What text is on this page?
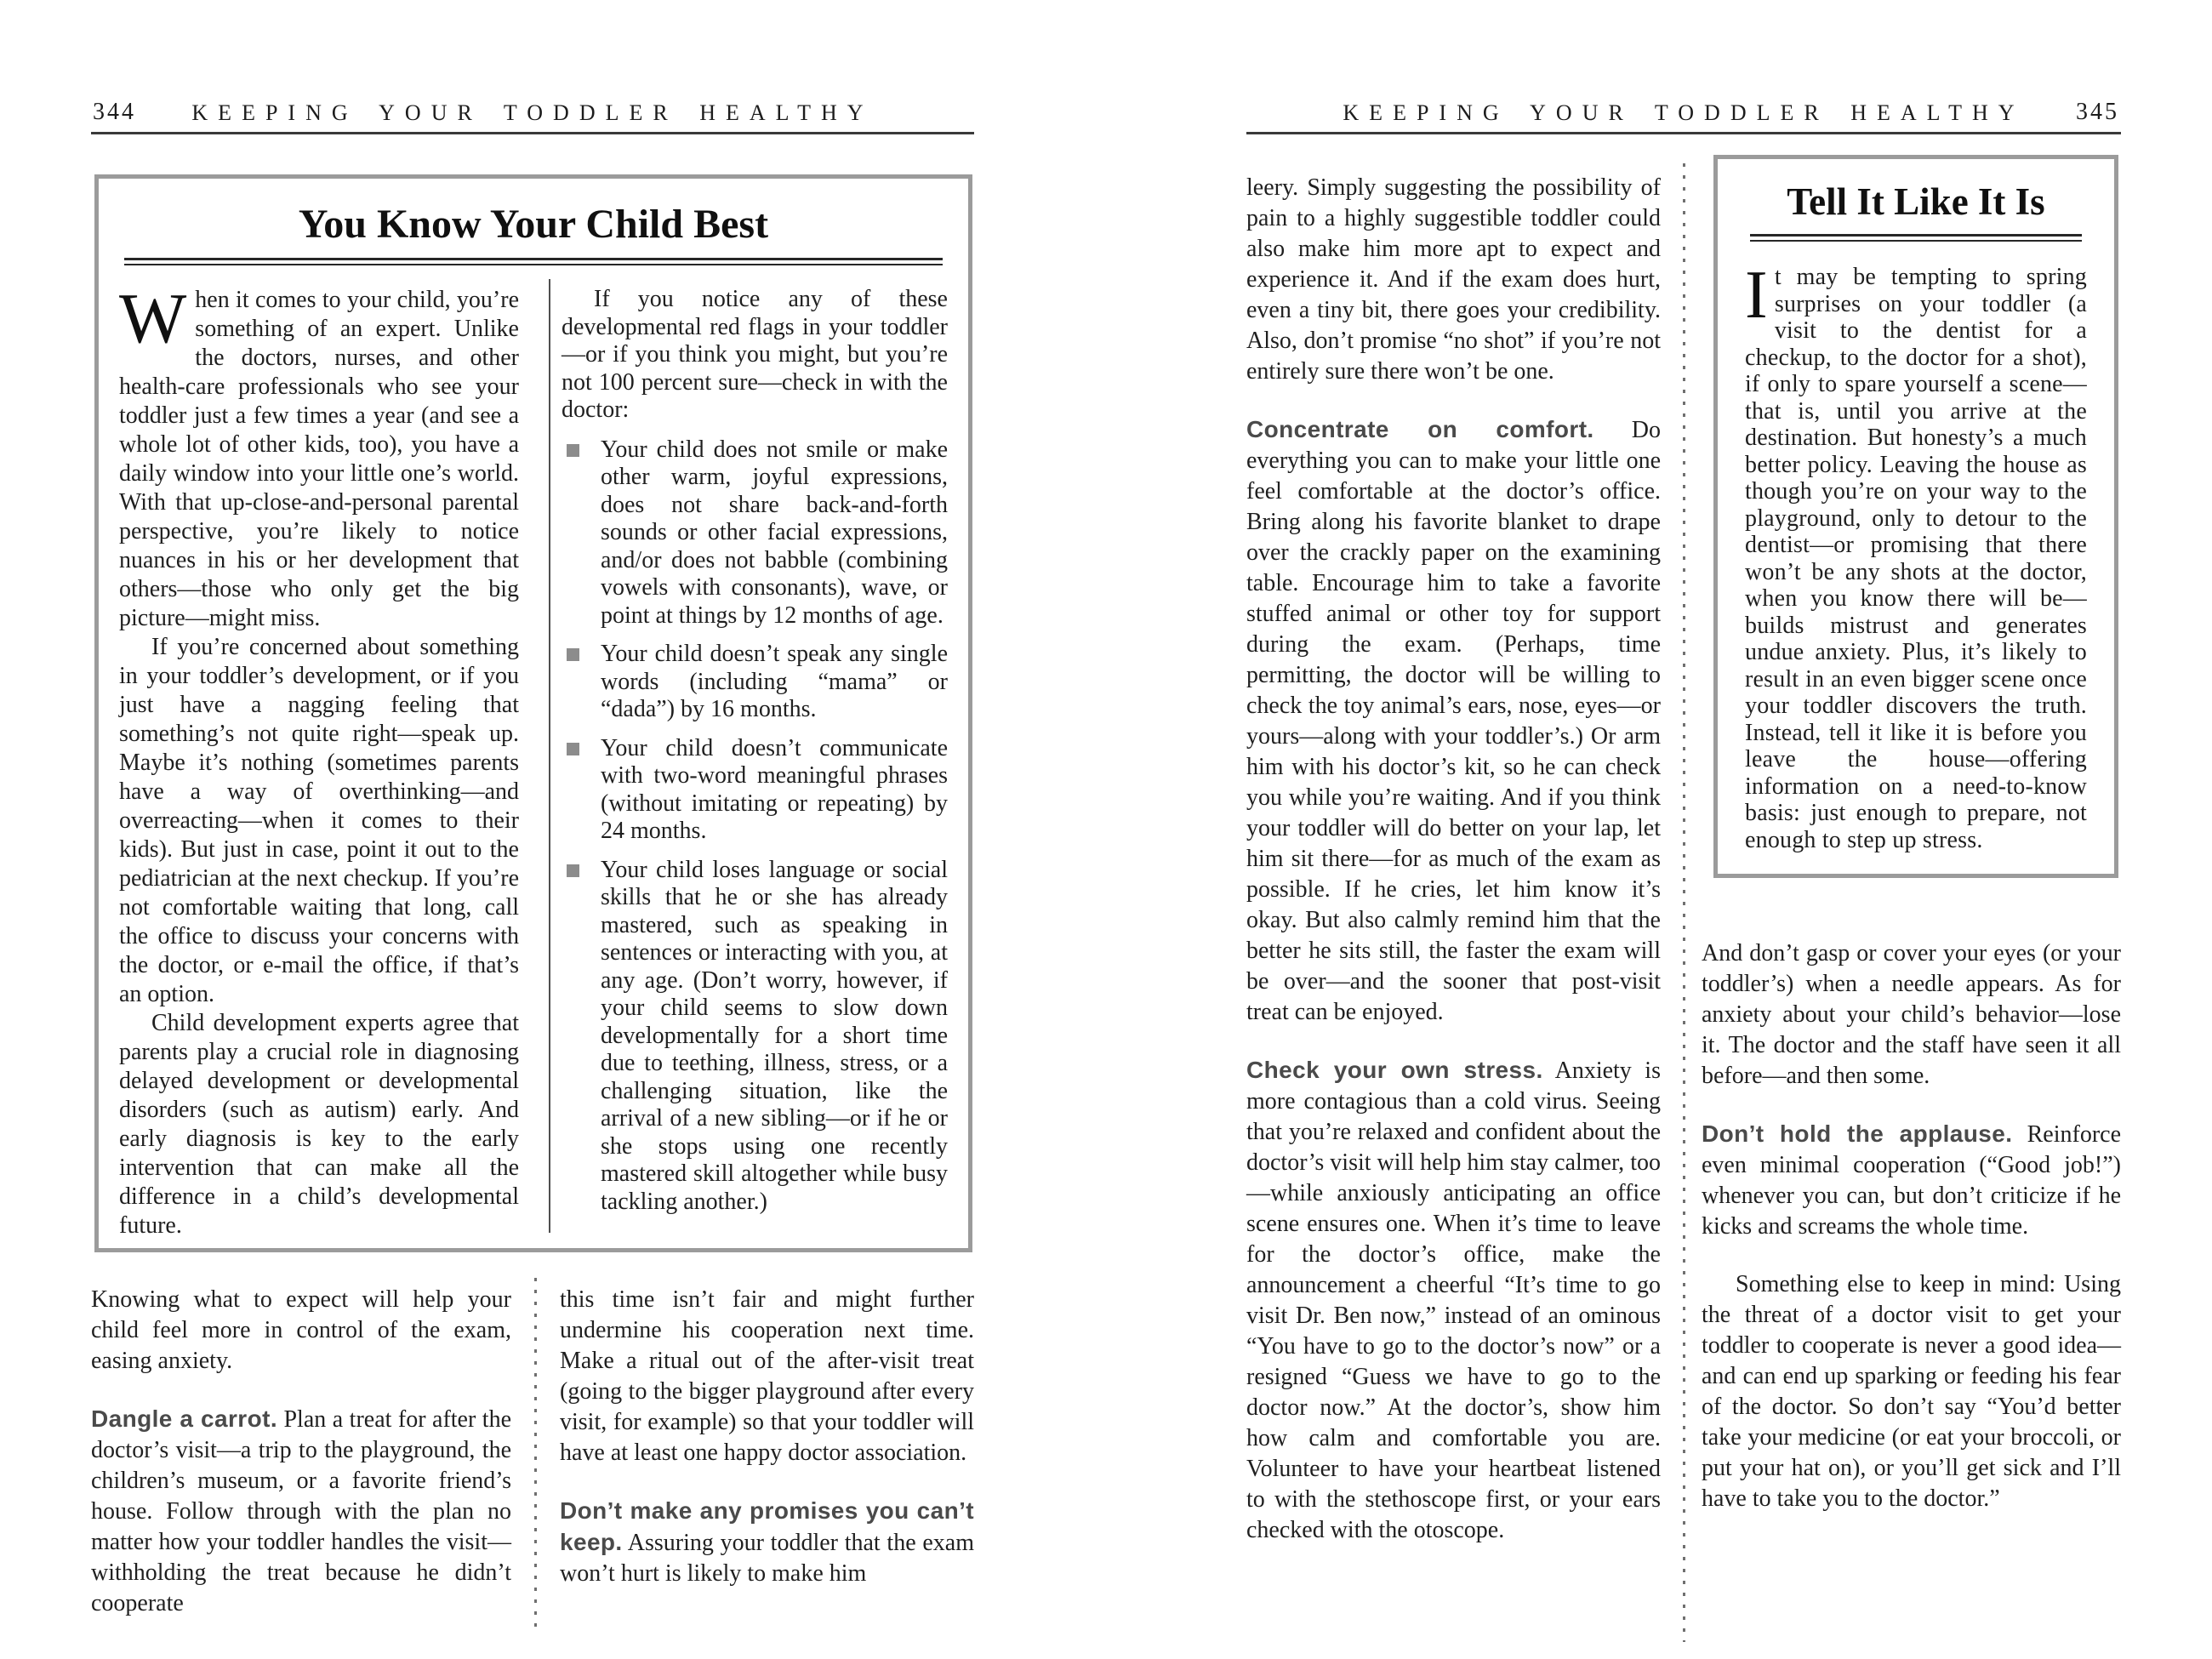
344	KEEPING YOUR TODDLER HEALTHY
You Know Your Child Best

When it comes to your child, you’re something of an expert. Unlike the doctors, nurses, and other health-care professionals who see your toddler just a few times a year (and see a whole lot of other kids, too), you have a daily window into your little one’s world. With that up-close-and-personal parental perspective, you’re likely to notice nuances in his or her development that others—those who only get the big picture—might miss.

If you’re concerned about something in your toddler’s development, or if you just have a nagging feeling that something’s not quite right—speak up. Maybe it’s nothing (sometimes parents have a way of overthinking—and overreacting—when it comes to their kids). But just in case, point it out to the pediatrician at the next checkup. If you’re not comfortable waiting that long, call the office to discuss your concerns with the doctor, or e-mail the office, if that’s an option.

Child development experts agree that parents play a crucial role in diagnosing delayed development or developmental disorders (such as autism) early. And early diagnosis is key to the early intervention that can make all the difference in a child’s developmental future.

If you notice any of these developmental red flags in your toddler—or if you think you might, but you’re not 100 percent sure—check in with the doctor:

Your child does not smile or make other warm, joyful expressions, does not share back-and-forth sounds or other facial expressions, and/or does not babble (combining vowels with consonants), wave, or point at things by 12 months of age.
Your child doesn’t speak any single words (including “mama” or “dada”) by 16 months.
Your child doesn’t communicate with two-word meaningful phrases (without imitating or repeating) by 24 months.
Your child loses language or social skills that he or she has already mastered, such as speaking in sentences or interacting with you, at any age. (Don’t worry, however, if your child seems to slow down developmentally for a short time due to teething, illness, stress, or a challenging situation, like the arrival of a new sibling—or if he or she stops using one recently mastered skill altogether while busy tackling another.)

Knowing what to expect will help your child feel more in control of the exam, easing anxiety.

Dangle a carrot. Plan a treat for after the doctor’s visit—a trip to the playground, the children’s museum, or a favorite friend’s house. Follow through with the plan no matter how your toddler handles the visit—withholding the treat because he didn’t cooperate

this time isn’t fair and might further undermine his cooperation next time. Make a ritual out of the after-visit treat (going to the bigger playground after every visit, for example) so that your toddler will have at least one happy doctor association.

Don’t make any promises you can’t keep. Assuring your toddler that the exam won’t hurt is likely to make him

345
KEEPING YOUR TODDLER HEALTHY

leery. Simply suggesting the possibility of pain to a highly suggestible toddler could also make him more apt to expect and experience it. And if the exam does hurt, even a tiny bit, there goes your credibility. Also, don’t promise “no shot” if you’re not entirely sure there won’t be one.

Concentrate on comfort. Do everything you can to make your little one feel comfortable at the doctor’s office. Bring along his favorite blanket to drape over the crackly paper on the examining table. Encourage him to take a favorite stuffed animal or other toy for support during the exam. (Perhaps, time permitting, the doctor will be willing to check the toy animal’s ears, nose, eyes—or yours—along with your toddler’s.) Or arm him with his doctor’s kit, so he can check you while you’re waiting. And if you think your toddler will do better on your lap, let him sit there—for as much of the exam as possible. If he cries, let him know it’s okay. But also calmly remind him that the better he sits still, the faster the exam will be over—and the sooner that post-visit treat can be enjoyed.

Check your own stress. Anxiety is more contagious than a cold virus. Seeing that you’re relaxed and confident about the doctor’s visit will help him stay calmer, too—while anxiously anticipating an office scene ensures one. When it’s time to leave for the doctor’s office, make the announcement a cheerful “It’s time to go visit Dr. Ben now,” instead of an ominous “You have to go to the doctor’s now” or a resigned “Guess we have to go to the doctor now.” At the doctor’s, show him how calm and comfortable you are. Volunteer to have your heartbeat listened to with the stethoscope first, or your ears checked with the otoscope.

Tell It Like It Is

It may be tempting to spring surprises on your toddler (a visit to the dentist for a checkup, to the doctor for a shot), if only to spare yourself a scene—that is, until you arrive at the destination. But honesty’s a much better policy. Leaving the house as though you’re on your way to the playground, only to detour to the dentist—or promising that there won’t be any shots at the doctor, when you know there will be—builds mistrust and generates undue anxiety. Plus, it’s likely to result in an even bigger scene once your toddler discovers the truth. Instead, tell it like it is before you leave the house—offering information on a need-to-know basis: just enough to prepare, not enough to step up stress.

And don’t gasp or cover your eyes (or your toddler’s) when a needle appears. As for anxiety about your child’s behavior—lose it. The doctor and the staff have seen it all before—and then some.

Don’t hold the applause. Reinforce even minimal cooperation (“Good job!”) whenever you can, but don’t criticize if he kicks and screams the whole time.

Something else to keep in mind: Using the threat of a doctor visit to get your toddler to cooperate is never a good idea—and can end up sparking or feeding his fear of the doctor. So don’t say “You’d better take your medicine (or eat your broccoli, or put your hat on), or you’ll get sick and I’ll have to take you to the doctor.”
